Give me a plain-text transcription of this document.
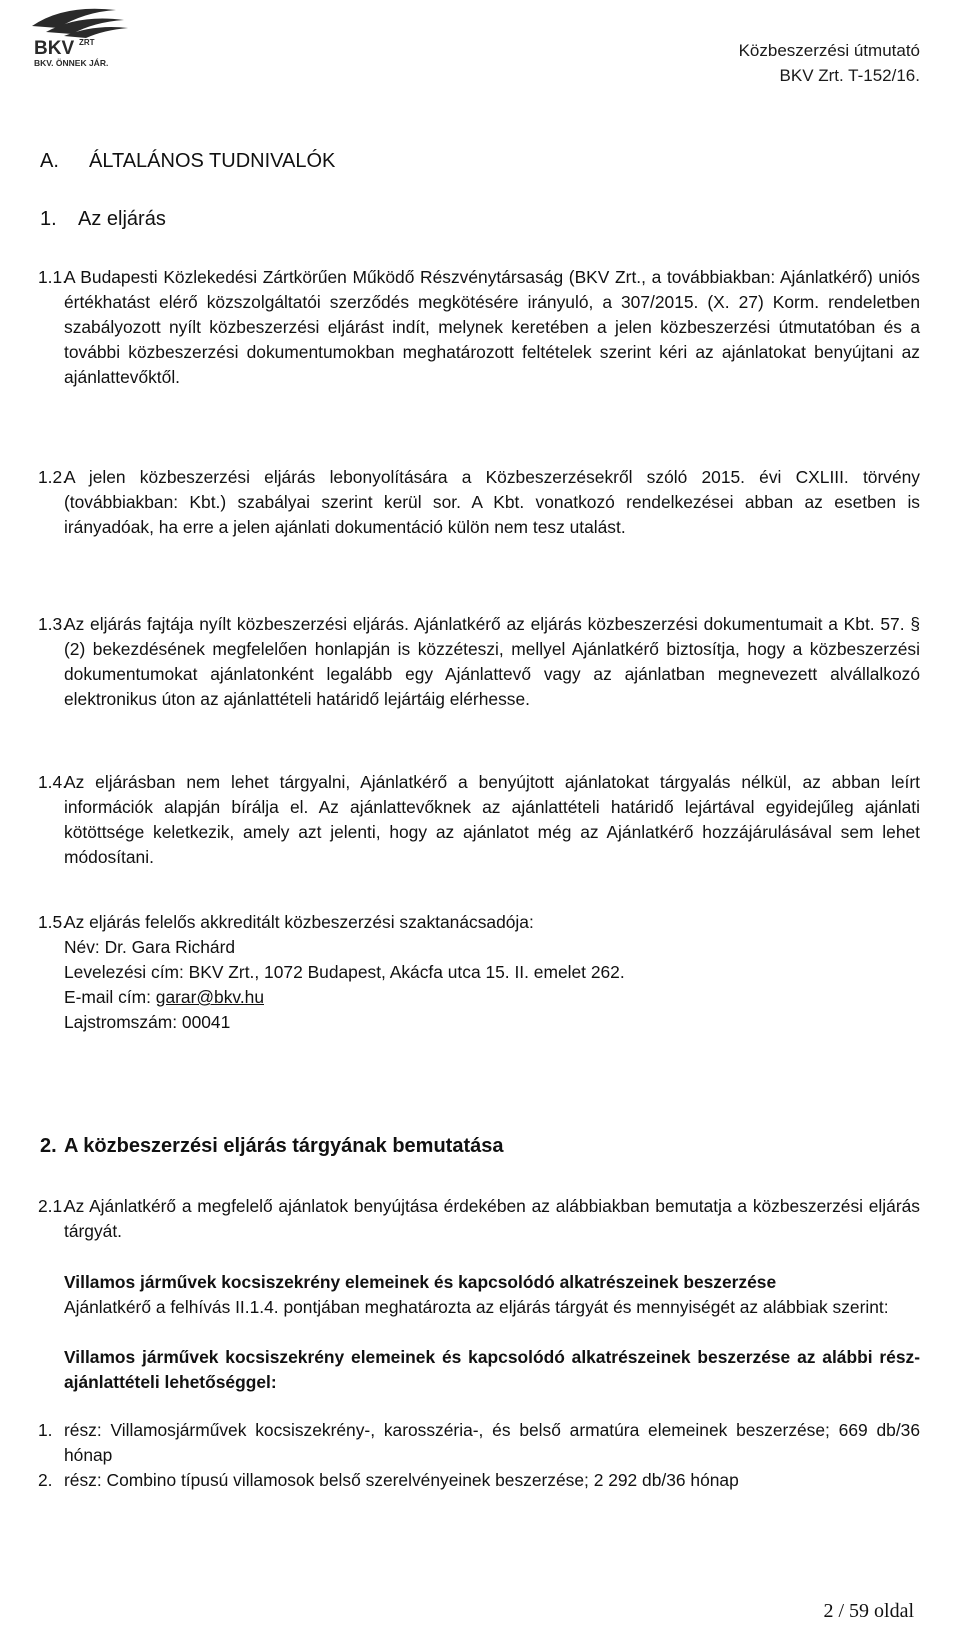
BKV ZRT
BKV. ÖNNEK JÁR.
Közbeszerzési útmutató
BKV Zrt. T-152/16.
A. ÁLTALÁNOS TUDNIVALÓK
1. Az eljárás
1.1.
A Budapesti Közlekedési Zártkörűen Működő Részvénytársaság (BKV Zrt., a továbbiakban: Ajánlatkérő) uniós értékhatást elérő közszolgáltatói szerződés megkötésére irányuló, a 307/2015. (X. 27) Korm. rendeletben szabályozott nyílt közbeszerzési eljárást indít, melynek keretében a jelen közbeszerzési útmutatóban és a további közbeszerzési dokumentumokban meghatározott feltételek szerint kéri az ajánlatokat benyújtani az ajánlattevőktől.
1.2.
A jelen közbeszerzési eljárás lebonyolítására a Közbeszerzésekről szóló 2015. évi CXLIII. törvény (továbbiakban: Kbt.) szabályai szerint kerül sor. A Kbt. vonatkozó rendelkezései abban az esetben is irányadóak, ha erre a jelen ajánlati dokumentáció külön nem tesz utalást.
1.3.
Az eljárás fajtája nyílt közbeszerzési eljárás. Ajánlatkérő az eljárás közbeszerzési dokumentumait a Kbt. 57. § (2) bekezdésének megfelelően honlapján is közzéteszi, mellyel Ajánlatkérő biztosítja, hogy a közbeszerzési dokumentumokat ajánlatonként legalább egy Ajánlattevő vagy az ajánlatban megnevezett alvállalkozó elektronikus úton az ajánlattételi határidő lejártáig elérhesse.
1.4.
Az eljárásban nem lehet tárgyalni, Ajánlatkérő a benyújtott ajánlatokat tárgyalás nélkül, az abban leírt információk alapján bírálja el. Az ajánlattevőknek az ajánlattételi határidő lejártával egyidejűleg ajánlati kötöttsége keletkezik, amely azt jelenti, hogy az ajánlatot még az Ajánlatkérő hozzájárulásával sem lehet módosítani.
1.5.
Az eljárás felelős akkreditált közbeszerzési szaktanácsadója:
Név: Dr. Gara Richárd
Levelezési cím: BKV Zrt., 1072 Budapest, Akácfa utca 15. II. emelet 262.
E-mail cím: garar@bkv.hu
Lajstromszám: 00041
2. A közbeszerzési eljárás tárgyának bemutatása
2.1.
Az Ajánlatkérő a megfelelő ajánlatok benyújtása érdekében az alábbiakban bemutatja a közbeszerzési eljárás tárgyát.
Villamos járművek kocsiszekrény elemeinek és kapcsolódó alkatrészeinek beszerzése
Ajánlatkérő a felhívás II.1.4. pontjában meghatározta az eljárás tárgyát és mennyiségét az alábbiak szerint:
Villamos járművek kocsiszekrény elemeinek és kapcsolódó alkatrészeinek beszerzése az alábbi rész-ajánlattételi lehetőséggel:
1. rész: Villamosjárművek kocsiszekrény-, karosszéria-, és belső armatúra elemeinek beszerzése; 669 db/36 hónap
2. rész: Combino típusú villamosok belső szerelvényeinek beszerzése; 2 292 db/36 hónap
2 / 59 oldal
